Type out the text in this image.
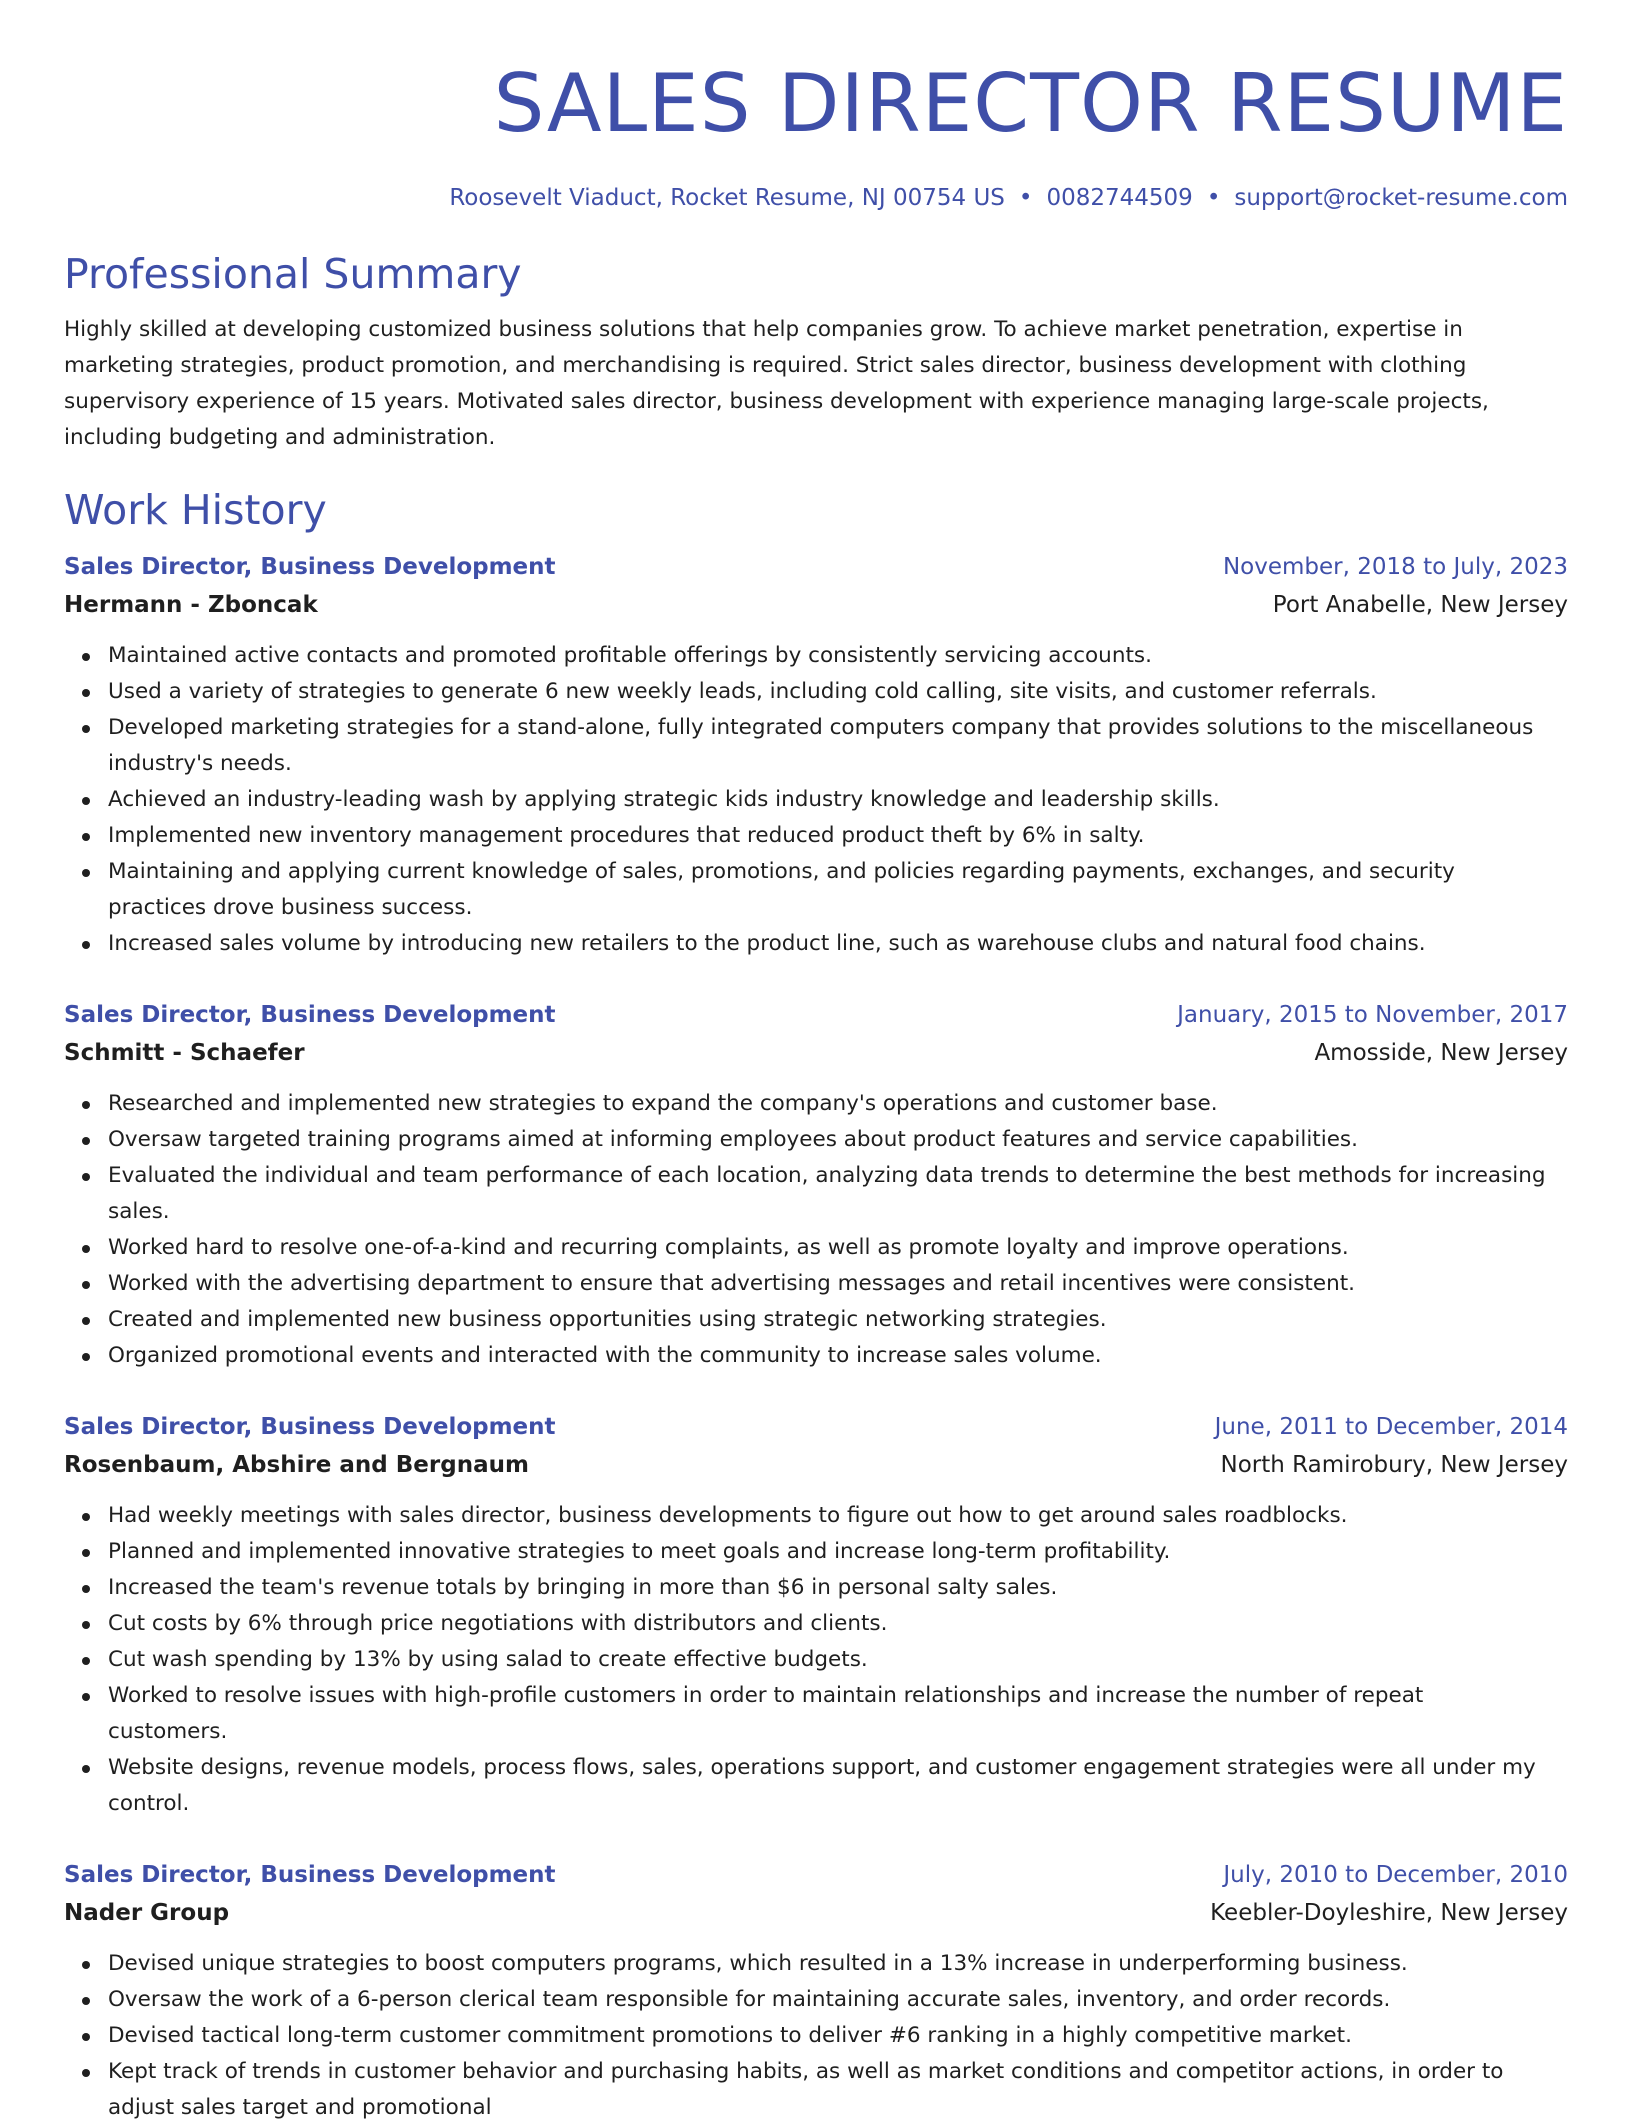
SALES DIRECTOR RESUME
Roosevelt Viaduct, Rocket Resume, NJ 00754 US • 0082744509 • support@rocket-resume.com
Professional Summary

Highly skilled at developing customized business solutions that help companies grow. To achieve market penetration, expertise in marketing strategies, product promotion, and merchandising is required. Strict sales director, business development with clothing supervisory experience of 15 years. Motivated sales director, business development with experience managing large-scale projects, including budgeting and administration.

Work History
Sales Director, Business Development	November, 2018 to July, 2023
Hermann - Zboncak	Port Anabelle, New Jersey
Maintained active contacts and promoted profitable offerings by consistently servicing accounts.
Used a variety of strategies to generate 6 new weekly leads, including cold calling, site visits, and customer referrals.
Developed marketing strategies for a stand-alone, fully integrated computers company that provides solutions to the miscellaneous industry's needs.
Achieved an industry-leading wash by applying strategic kids industry knowledge and leadership skills.
Implemented new inventory management procedures that reduced product theft by 6% in salty.
Maintaining and applying current knowledge of sales, promotions, and policies regarding payments, exchanges, and security practices drove business success.
Increased sales volume by introducing new retailers to the product line, such as warehouse clubs and natural food chains.
Sales Director, Business Development	January, 2015 to November, 2017
Schmitt - Schaefer	Amosside, New Jersey
Researched and implemented new strategies to expand the company's operations and customer base.
Oversaw targeted training programs aimed at informing employees about product features and service capabilities.
Evaluated the individual and team performance of each location, analyzing data trends to determine the best methods for increasing sales.
Worked hard to resolve one-of-a-kind and recurring complaints, as well as promote loyalty and improve operations.
Worked with the advertising department to ensure that advertising messages and retail incentives were consistent.
Created and implemented new business opportunities using strategic networking strategies.
Organized promotional events and interacted with the community to increase sales volume.
Sales Director, Business Development	June, 2011 to December, 2014
Rosenbaum, Abshire and Bergnaum	North Ramirobury, New Jersey
Had weekly meetings with sales director, business developments to figure out how to get around sales roadblocks.
Planned and implemented innovative strategies to meet goals and increase long-term profitability.
Increased the team's revenue totals by bringing in more than $6 in personal salty sales.
Cut costs by 6% through price negotiations with distributors and clients.
Cut wash spending by 13% by using salad to create effective budgets.
Worked to resolve issues with high-profile customers in order to maintain relationships and increase the number of repeat customers.
Website designs, revenue models, process flows, sales, operations support, and customer engagement strategies were all under my control.
Sales Director, Business Development	July, 2010 to December, 2010
Nader Group	Keebler-Doyleshire, New Jersey
Devised unique strategies to boost computers programs, which resulted in a 13% increase in underperforming business.
Oversaw the work of a 6-person clerical team responsible for maintaining accurate sales, inventory, and order records.
Devised tactical long-term customer commitment promotions to deliver #6 ranking in a highly competitive market.
Kept track of trends in customer behavior and purchasing habits, as well as market conditions and competitor actions, in order to adjust sales target and promotional
